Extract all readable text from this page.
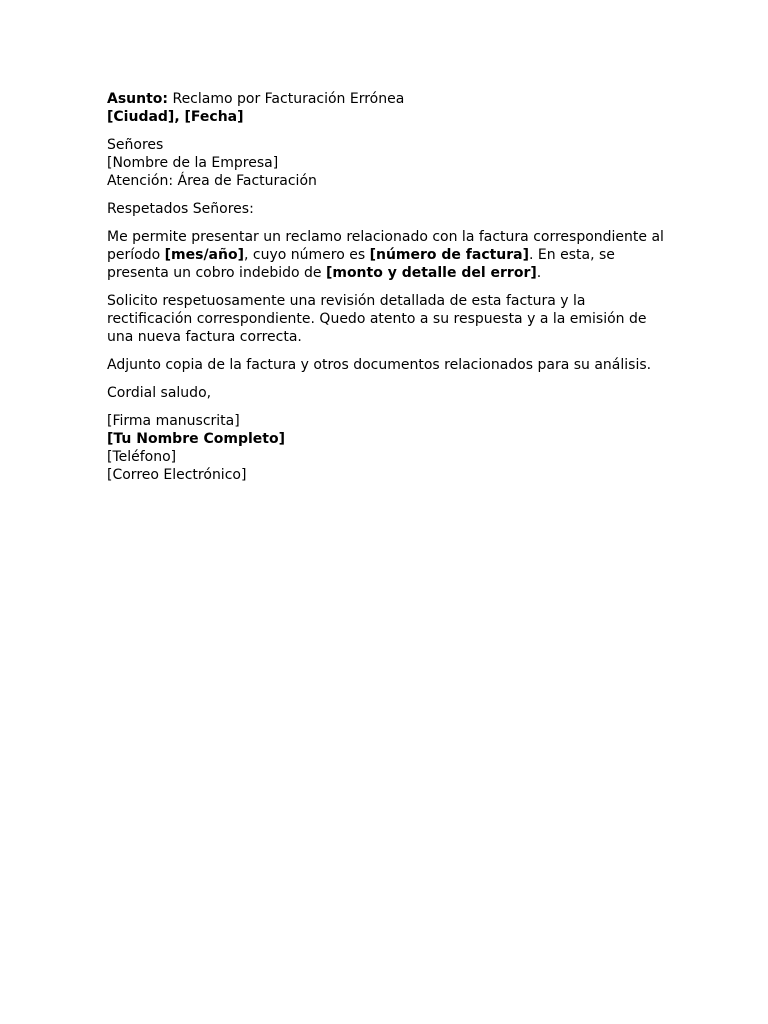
Asunto: Reclamo por Facturación Errónea
[Ciudad], [Fecha]
Señores
[Nombre de la Empresa]
Atención: Área de Facturación
Respetados Señores:
Me permite presentar un reclamo relacionado con la factura correspondiente al período [mes/año], cuyo número es [número de factura]. En esta, se presenta un cobro indebido de [monto y detalle del error].
Solicito respetuosamente una revisión detallada de esta factura y la rectificación correspondiente. Quedo atento a su respuesta y a la emisión de una nueva factura correcta.
Adjunto copia de la factura y otros documentos relacionados para su análisis.
Cordial saludo,
[Firma manuscrita]
[Tu Nombre Completo]
[Teléfono]
[Correo Electrónico]
